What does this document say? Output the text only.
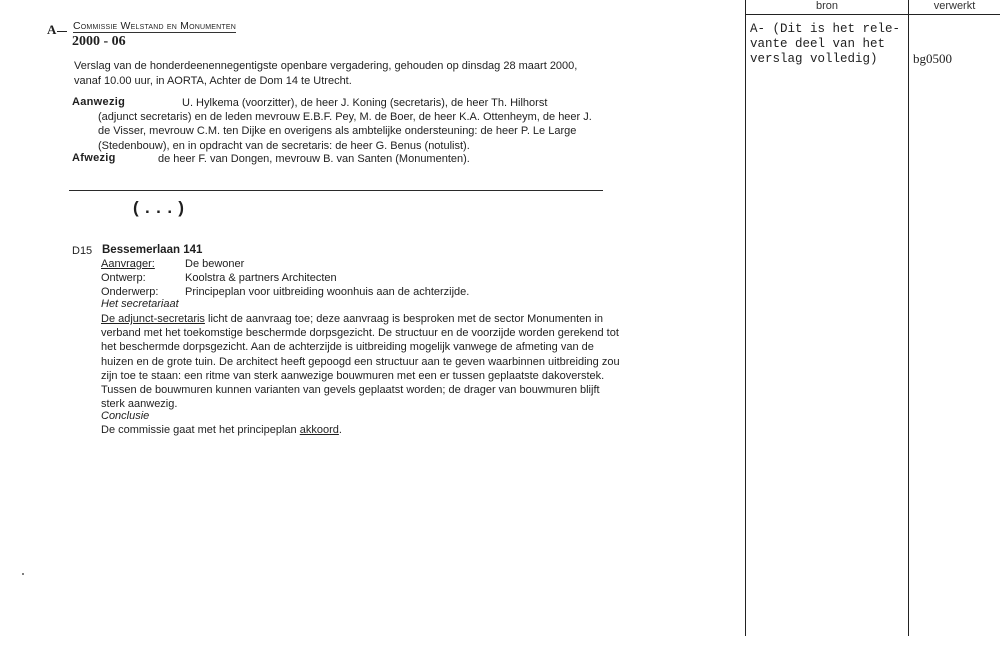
A	Commissie Welstand en Monumenten
2000 - 06
Verslag van de honderdeenennegentigste openbare vergadering, gehouden op dinsdag 28 maart 2000, vanaf 10.00 uur, in AORTA, Achter de Dom 14 te Utrecht.
Aanwezig	U. Hylkema (voorzitter), de heer J. Koning (secretaris), de heer Th. Hilhorst
(adjunct secretaris) en de leden mevrouw E.B.F. Pey, M. de Boer, de heer K.A. Ottenheym, de heer J. de Visser, mevrouw C.M. ten Dijke en overigens als ambtelijke ondersteuning: de heer P. Le Large (Stedenbouw), en in opdracht van de secretaris: de heer G. Benus (notulist).
Afwezig	de heer F. van Dongen, mevrouw B. van Santen (Monumenten).
(...)
D15 Bessemerlaan 141
Aanvrager:	De bewoner
Ontwerp:	Koolstra & partners Architecten
Onderwerp: Principeplan voor uitbreiding woonhuis aan de achterzijde.
Het secretariaat
De adjunct-secretaris licht de aanvraag toe; deze aanvraag is besproken met de sector Monumenten in verband met het toekomstige beschermde dorpsgezicht. De structuur en de voorzijde worden gerekend tot het beschermde dorpsgezicht. Aan de achterzijde is uitbreiding mogelijk vanwege de afmeting van de huizen en de grote tuin. De architect heeft gepoogd een structuur aan te geven waarbinnen uitbreiding zou zijn toe te staan: een ritme van sterk aanwezige bouwmuren met een er tussen geplaatste dakoverstek. Tussen de bouwmuren kunnen varianten van gevels geplaatst worden; de drager van bouwmuren blijft sterk aanwezig.
Conclusie
De commissie gaat met het principeplan akkoord.
bron	verwerkt
A- (Dit is het rele-
vante deel van het
verslag volledig)	bg0500
